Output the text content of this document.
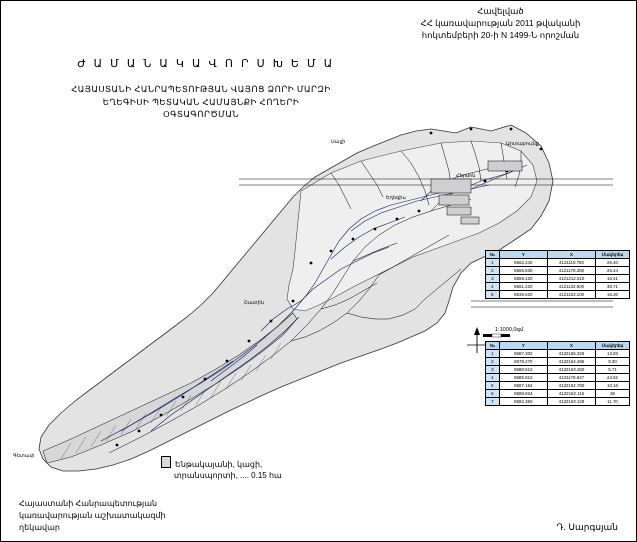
Հավելված
ՀՀ կառավարության 2011 թվականի
հոկտեմբերի 20-ի N 1499-Ն որոշման
Ժ Ա Մ Ա Ն Ա Կ Ա Վ Ո Ր Ս Խ Ե Մ Ա
ՀԱՅԱՍՏԱՆԻ ՀԱՆՐԱՊԵՏՈՒԹՅԱՆ ՎԱՅՈՑ ՁՈՐԻ ՄԱՐԶԻ
ԵՂԵԳԻՍԻ ՊԵՏԱԿԱՆ ՀԱՄԱՅՆՔԻ ՀՈՂԵՐԻ
ՕԳՏԱԳՈՐԾՄԱՆ
Գետափ
Շատին
Եղեգիս
Հերմոն
Արտաբույնք
Սալլի
1:1000,0գմ
№	Y	X	Մակերես
1	8562.240	4121119.780	26.40
2	8566.830	4121178.350	26.44
3	8559.120	4121212.510	16.41
4	8561.220	4121132.500	30.71
5	8536.520	4121153.100	16.20
№	Y	X	Մակերես
1	8687.302	4132165.326	13.83
2	8679.270	4132164.486	9.30
3	8680.512	4132163.260	5.71
4	8685.812	4131178.847	24.52
5	8697.164	4132162.780	10.16
6	8698.824	4132162.116	36
7	8692.360	4132163.128	11.70
Ենթակայանի, կացի,
տրանսպորտի, .... 0.15 հա
Հայաստանի Հանրապետության
կառավարության աշխատակազմի
ղեկավար	Դ. Սարգսյան
